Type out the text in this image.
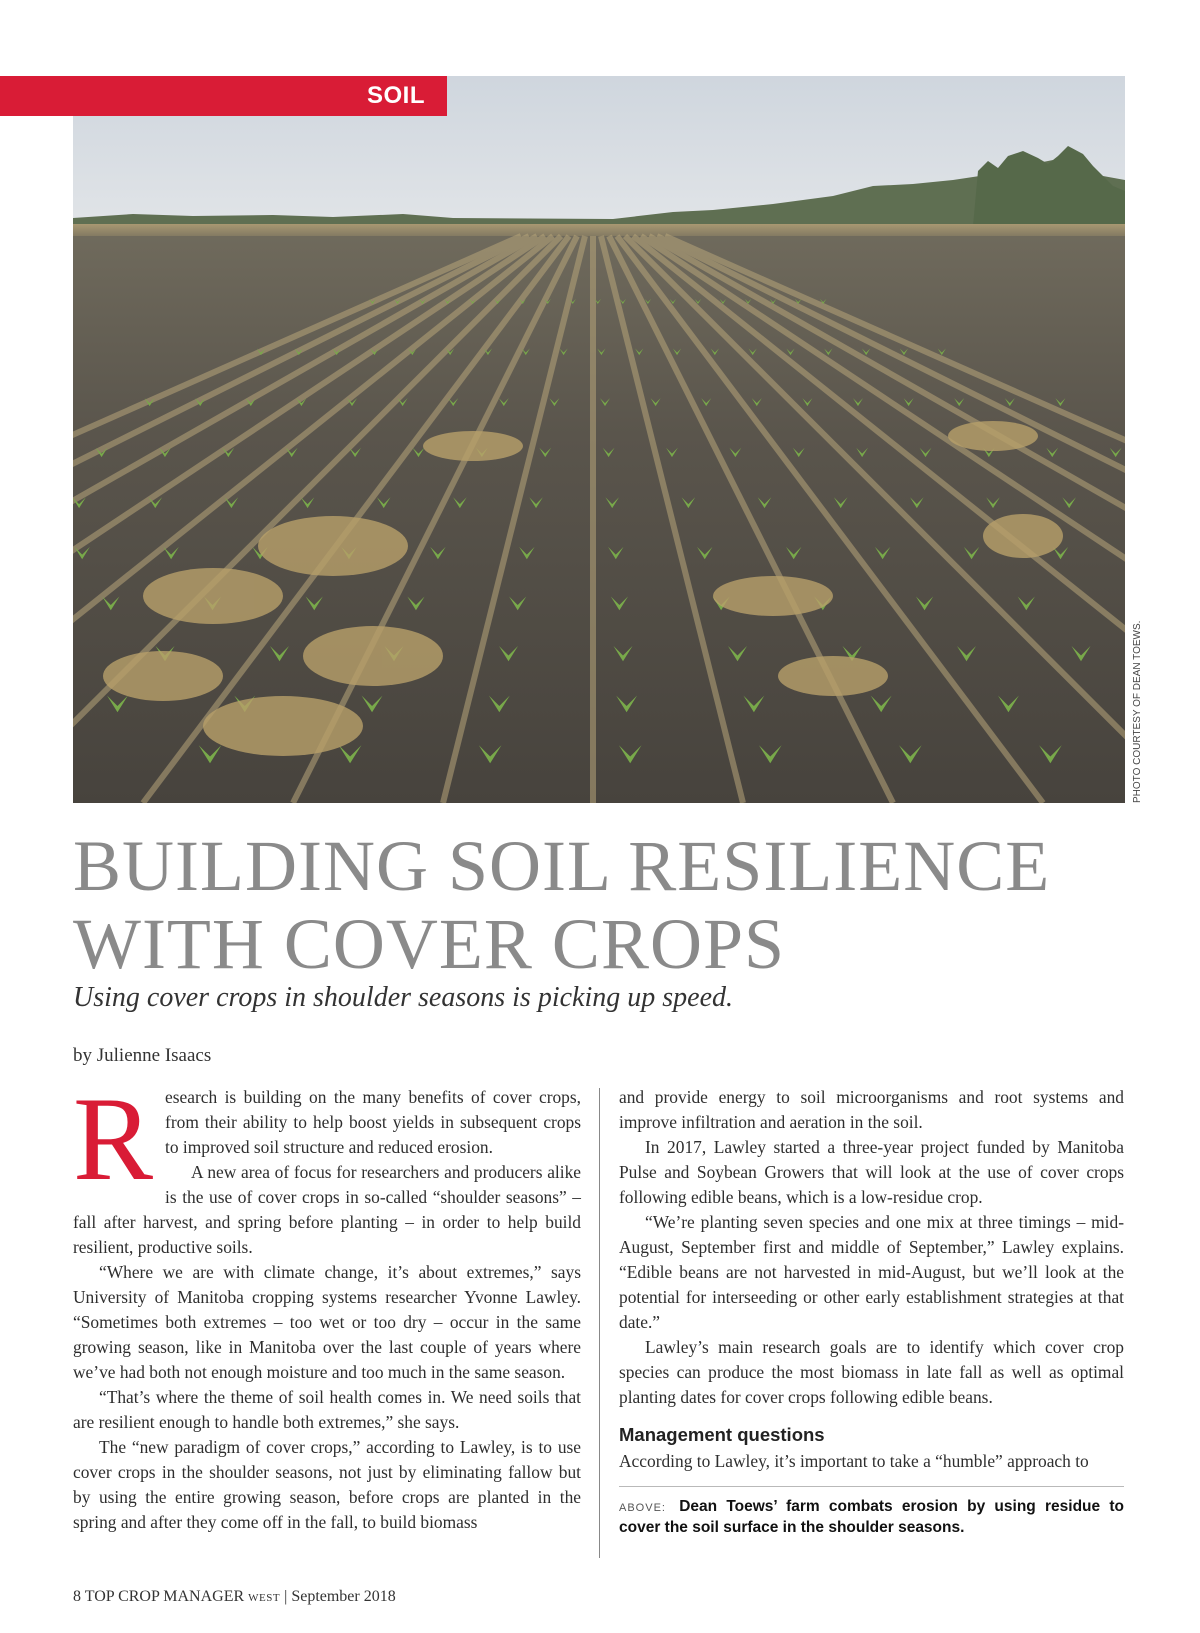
SOIL
PHOTO COURTESY OF DEAN TOEWS.
BUILDING SOIL RESILIENCE
WITH COVER CROPS

Using cover crops in shoulder seasons is picking up speed.

by Julienne Isaacs

Research is building on the many benefits of cover crops, from their ability to help boost yields in subsequent crops to improved soil structure and reduced erosion.

A new area of focus for researchers and producers alike is the use of cover crops in so-called “shoulder seasons” – fall after harvest, and spring before planting – in order to help build resilient, productive soils.

“Where we are with climate change, it’s about extremes,” says University of Manitoba cropping systems researcher Yvonne Lawley. “Sometimes both extremes – too wet or too dry – occur in the same growing season, like in Manitoba over the last couple of years where we’ve had both not enough moisture and too much in the same season.

“That’s where the theme of soil health comes in. We need soils that are resilient enough to handle both extremes,” she says.

The “new paradigm of cover crops,” according to Lawley, is to use cover crops in the shoulder seasons, not just by eliminating fallow but by using the entire growing season, before crops are planted in the spring and after they come off in the fall, to build biomass

and provide energy to soil microorganisms and root systems and improve infiltration and aeration in the soil.

In 2017, Lawley started a three-year project funded by Manitoba Pulse and Soybean Growers that will look at the use of cover crops following edible beans, which is a low-residue crop.

“We’re planting seven species and one mix at three timings – mid-August, September first and middle of September,” Lawley explains. “Edible beans are not harvested in mid-August, but we’ll look at the potential for interseeding or other early establishment strategies at that date.”

Lawley’s main research goals are to identify which cover crop species can produce the most biomass in late fall as well as optimal planting dates for cover crops following edible beans.

Management questions

According to Lawley, it’s important to take a “humble” approach to

ABOVE: Dean Toews’ farm combats erosion by using residue to cover the soil surface in the shoulder seasons.
8 TOP CROP MANAGER WEST | September 2018
